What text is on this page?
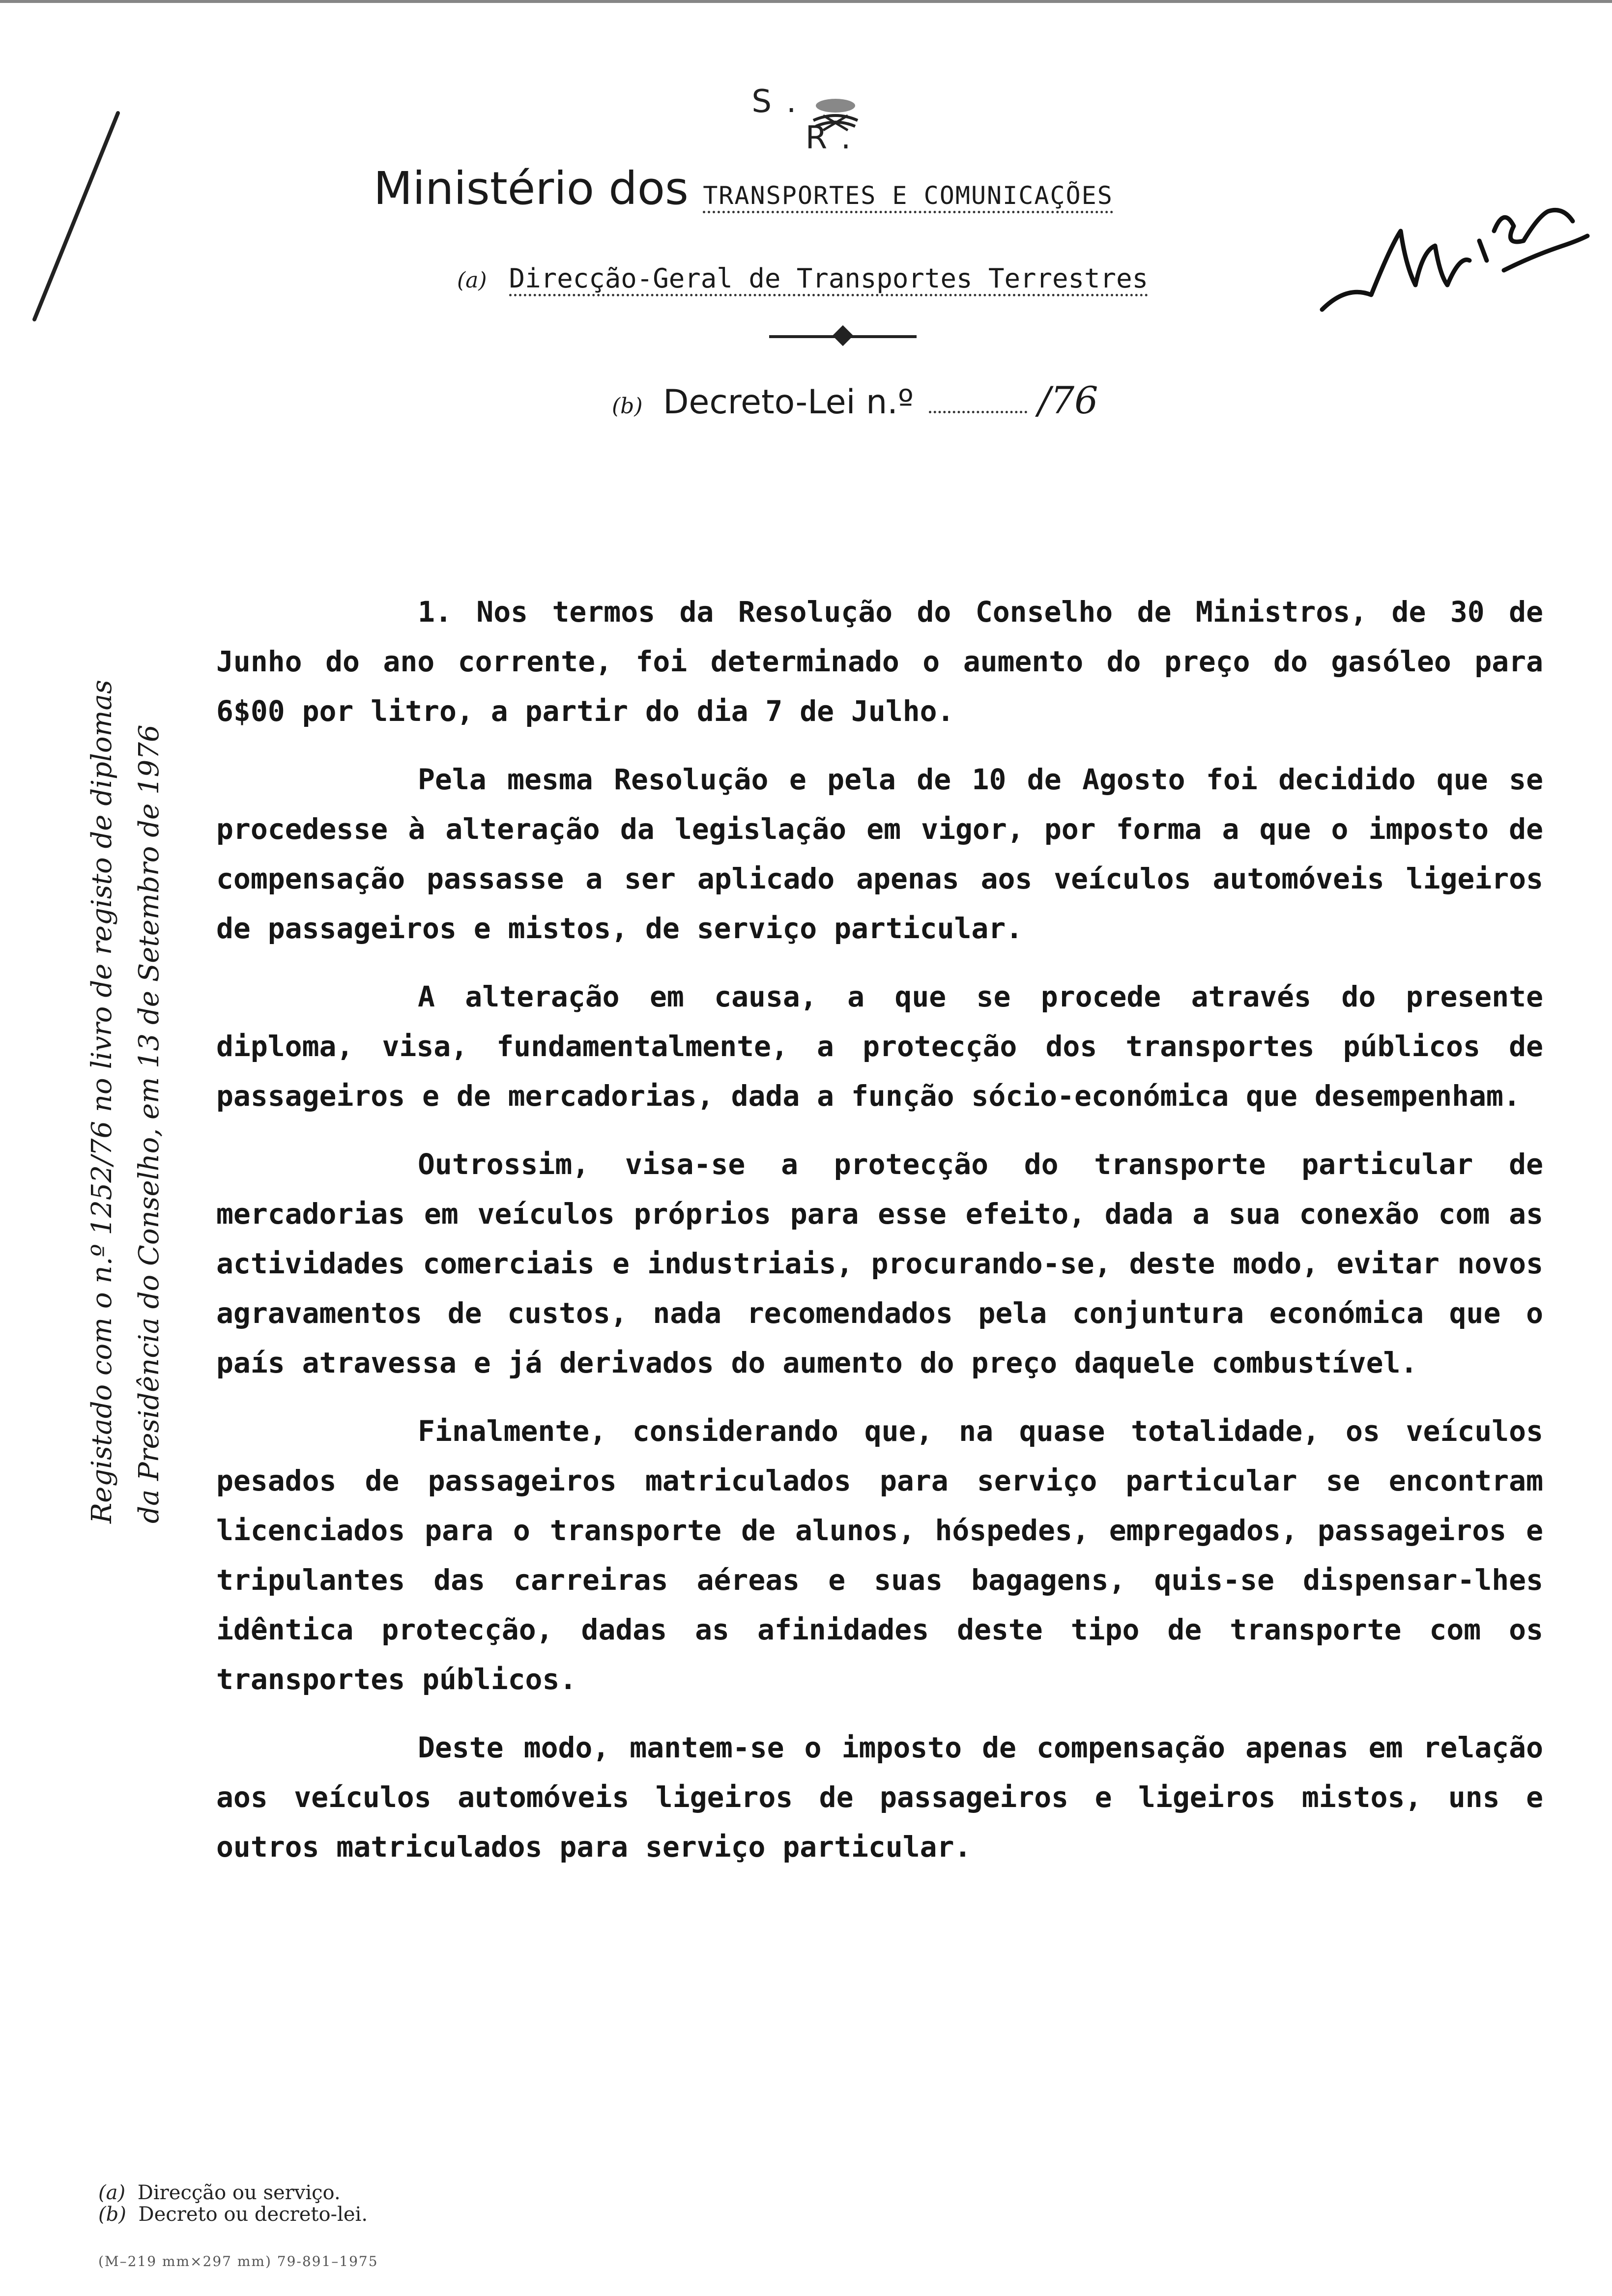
S.  R.
Ministério dos TRANSPORTES E COMUNICAÇÕES
(a) Direcção-Geral de Transportes Terrestres
(b) Decreto-Lei n.º	/76
Registado com o n.º 1252/76 no livro de registo de diplomas da Presidência do Conselho, em 13 de Setembro de 1976

1. Nos termos da Resolução do Conselho de Ministros, de 30 de Junho do ano corrente, foi determinado o aumento do preço do gasóleo para 6$00 por litro, a partir do dia 7 de Julho.

Pela mesma Resolução e pela de 10 de Agosto foi decidido que se procedesse à alteração da legislação em vigor, por forma a que o imposto de compensação passasse a ser aplicado apenas aos veículos automóveis ligeiros de passageiros e mistos, de serviço particular.

A alteração em causa, a que se procede através do presente diploma, visa, fundamentalmente, a protecção dos transportes públicos de passageiros e de mercadorias, dada a função sócio-económica que desempenham.

Outrossim, visa-se a protecção do transporte particular de mercadorias em veículos próprios para esse efeito, dada a sua conexão com as actividades comerciais e industriais, procurando-se, deste modo, evitar novos agravamentos de custos, nada recomendados pela conjuntura económica que o país atravessa e já derivados do aumento do preço daquele combustível.

Finalmente, considerando que, na quase totalidade, os veículos pesados de passageiros matriculados para serviço particular se encontram licenciados para o transporte de alunos, hóspedes, empregados, passageiros e tripulantes das carreiras aéreas e suas bagagens, quis-se dispensar-lhes idêntica protecção, dadas as afinidades deste tipo de transporte com os transportes públicos.

Deste modo, mantem-se o imposto de compensação apenas em relação aos veículos automóveis ligeiros de passageiros e ligeiros mistos, uns e outros matriculados para serviço particular.

(a) Direcção ou serviço.
(b) Decreto ou decreto-lei.
(M–219 mm×297 mm) 79-891–1975
